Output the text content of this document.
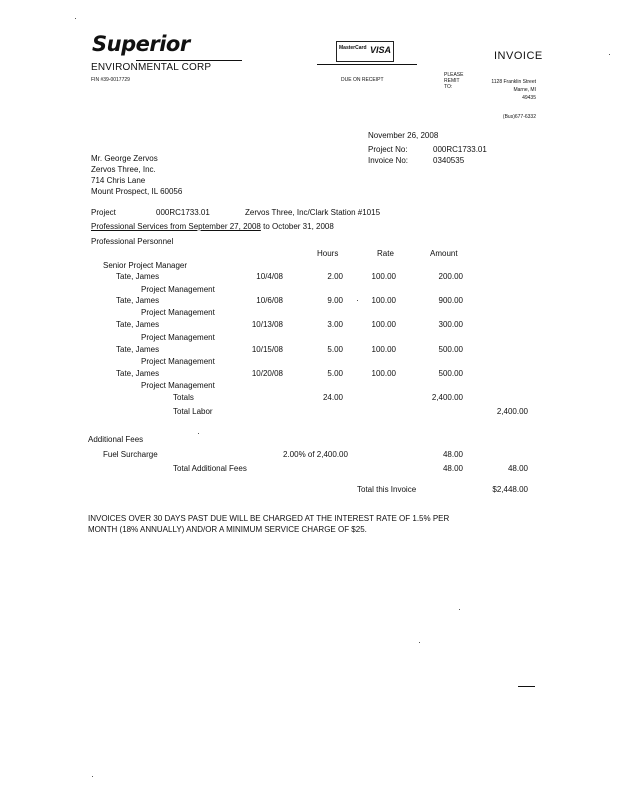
Superior
ENVIRONMENTAL CORP
FIN #39-0017729
MasterCard VISA
DUE ON RECEIPT
INVOICE
PLEASE REMIT TO:
1128 Franklin Street
Marne, MI
49435
(Bus)677-6332
November 26, 2008
Project No:	000RC1733.01
Invoice No:	0340535
Mr. George Zervos
Zervos Three, Inc.
714 Chris Lane
Mount Prospect, IL 60056
Project	000RC1733.01	Zervos Three, Inc/Clark Station #1015
Professional Services from September 27, 2008 to October 31, 2008
Professional Personnel
Hours	Rate	Amount
Senior Project Manager
Tate, James	10/4/08	2.00	100.00	200.00
Project Management
Tate, James	10/6/08	9.00	100.00	900.00
Project Management
Tate, James	10/13/08	3.00	100.00	300.00
Project Management
Tate, James	10/15/08	5.00	100.00	500.00
Project Management
Tate, James	10/20/08	5.00	100.00	500.00
Project Management
Totals	24.00	2,400.00
Total Labor	2,400.00
Additional Fees
Fuel Surcharge	2.00% of 2,400.00	48.00
Total Additional Fees	48.00	48.00
Total this Invoice	$2,448.00
INVOICES OVER 30 DAYS PAST DUE WILL BE CHARGED AT THE INTEREST RATE OF 1.5% PER
MONTH (18% ANNUALLY) AND/OR A MINIMUM SERVICE CHARGE OF $25.
